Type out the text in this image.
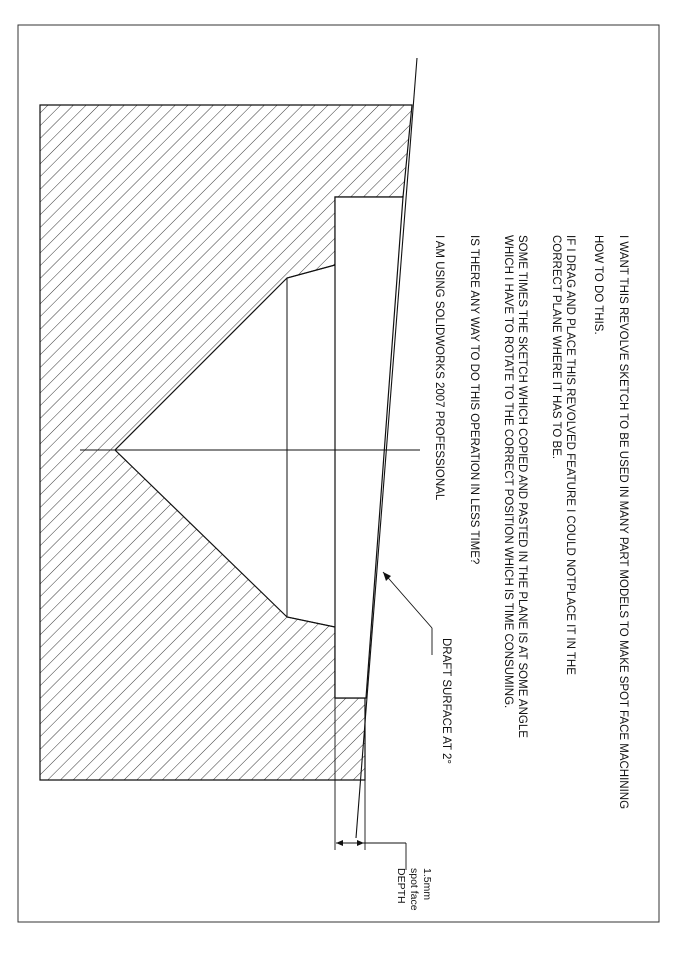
I WANT THIS REVOLVE SKETCH TO BE USED IN MANY PART MODELS TO MAKE SPOT FACE MACHINING
HOW TO DO THIS.
IF I DRAG AND PLACE THIS REVOLVED FEATURE I COULD NOTPLACE IT IN THE
CORRECT PLANE WHERE IT HAS TO BE.
SOME TIMES THE SKETCH WHICH COPIED AND PASTED IN THE PLANE IS AT SOME ANGLE
WHICH I HAVE TO ROTATE TO THE CORRECT POSITION WHICH IS TIME CONSUMING.
IS THERE ANY WAY TO DO THIS OPERATION IN LESS TIME?
I AM USING SOLIDWORKS 2007 PROFESSIONAL
DRAFT SURFACE AT 2°
1.5mm
spot face
DEPTH
